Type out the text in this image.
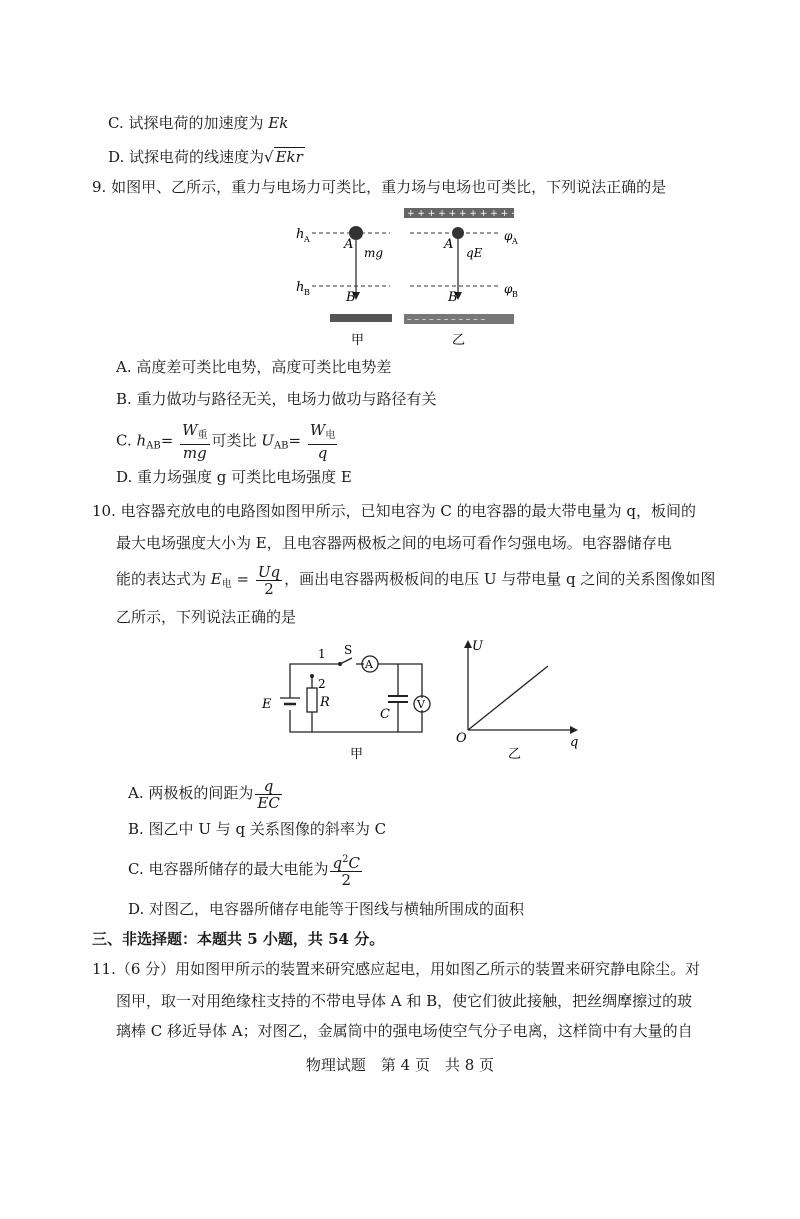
C. 试探电荷的加速度为 Ek
D. 试探电荷的线速度为√ Ekr
9. 如图甲、乙所示，重力与电场力可类比，重力场与电场也可类比，下列说法正确的是
h A	A
mg
h B	B
甲
+ + + + + + + + + + +
A
qE
φ A
B
φ B
– – – – – – – – – – –
乙
A. 高度差可类比电势，高度可类比电势差
B. 重力做功与路径无关，电场力做功与路径有关
C. $h_{AB}= \frac{W_重}{mg}$ 可类比 $U_{AB}= \frac{W_电}{q}$
D. 重力场强度 g 可类比电场强度 E
10. 电容器充放电的电路图如图甲所示，已知电容为 C 的电容器的最大带电量为 q，板间的
最大电场强度大小为 E，且电容器两极板之间的电场可看作匀强电场。电容器储存电
能的表达式为 $E_电 = \frac{Uq}{2}$ ，画出电容器两极板间的电压 U 与带电量 q 之间的关系图像如图
乙所示，下列说法正确的是
1
2
S
A
V
E	R
C
甲
U
q
O
乙
A. 两极板的间距为 $\frac{q}{EC}$
B. 图乙中 U 与 q 关系图像的斜率为 C
C. 电容器所储存的最大电能为 $\frac{q^2C}{2}$
D. 对图乙，电容器所储存电能等于图线与横轴所围成的面积
三、非选择题：本题共 5 小题，共 54 分。
11.（6 分）用如图甲所示的装置来研究感应起电，用如图乙所示的装置来研究静电除尘。对
图甲，取一对用绝缘柱支持的不带电导体 A 和 B，使它们彼此接触，把丝绸摩擦过的玻
璃棒 C 移近导体 A；对图乙，金属筒中的强电场使空气分子电离，这样筒中有大量的自
物理试题　第 4 页　共 8 页
